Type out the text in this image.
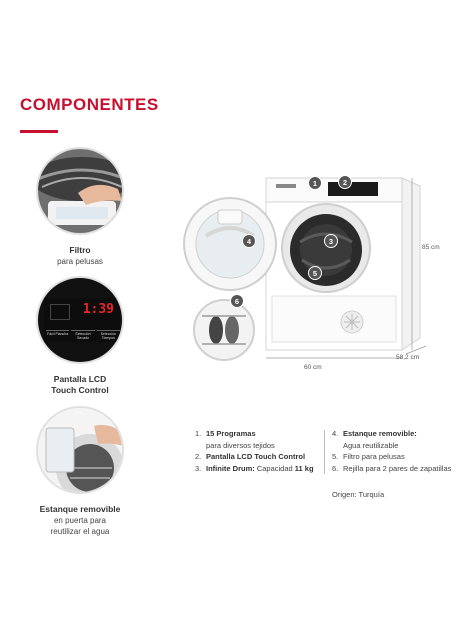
COMPONENTES
Filtro
para pelusas
1:39
Fácil Plancha	Selección Secado
Selección Tiempos
Pantalla LCD
Touch Control
Estanque removible
en puerta para
reutilizar el agua
1	2
3
4
5
6
85 cm
58,2 cm
60 cm
1. 15 Programas
para diversos tejidos
2. Pantalla LCD Touch Control
3. Infinite Drum: Capacidad 11 kg
4. Estanque removible:
Agua reutilizable
5. Filtro para pelusas
6. Rejilla para 2 pares de zapatillas
Origen: Turquía
